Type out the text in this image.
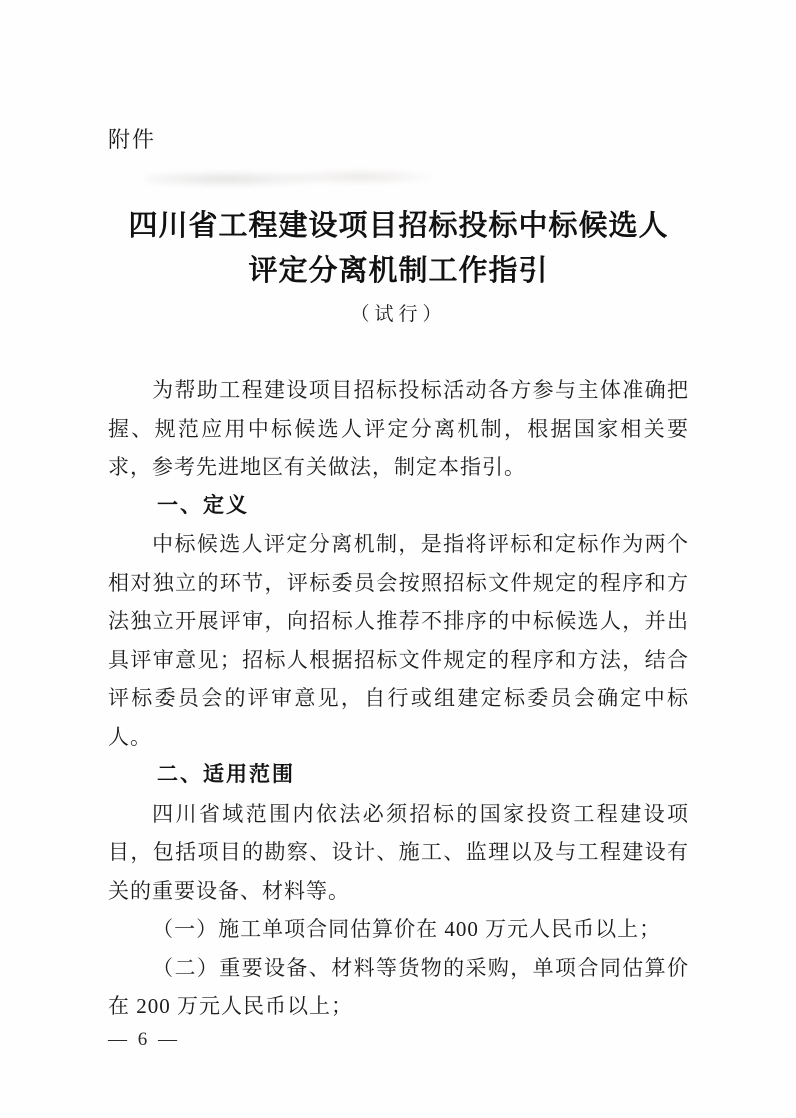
附件
四川省工程建设项目招标投标中标候选人
评定分离机制工作指引
（试行）

为帮助工程建设项目招标投标活动各方参与主体准确把握、规范应用中标候选人评定分离机制，根据国家相关要求，参考先进地区有关做法，制定本指引。

一、定义

中标候选人评定分离机制，是指将评标和定标作为两个相对独立的环节，评标委员会按照招标文件规定的程序和方法独立开展评审，向招标人推荐不排序的中标候选人，并出具评审意见；招标人根据招标文件规定的程序和方法，结合评标委员会的评审意见，自行或组建定标委员会确定中标人。

二、适用范围

四川省域范围内依法必须招标的国家投资工程建设项目，包括项目的勘察、设计、施工、监理以及与工程建设有关的重要设备、材料等。

（一）施工单项合同估算价在 400 万元人民币以上；

（二）重要设备、材料等货物的采购，单项合同估算价在 200 万元人民币以上；

— 6 —
